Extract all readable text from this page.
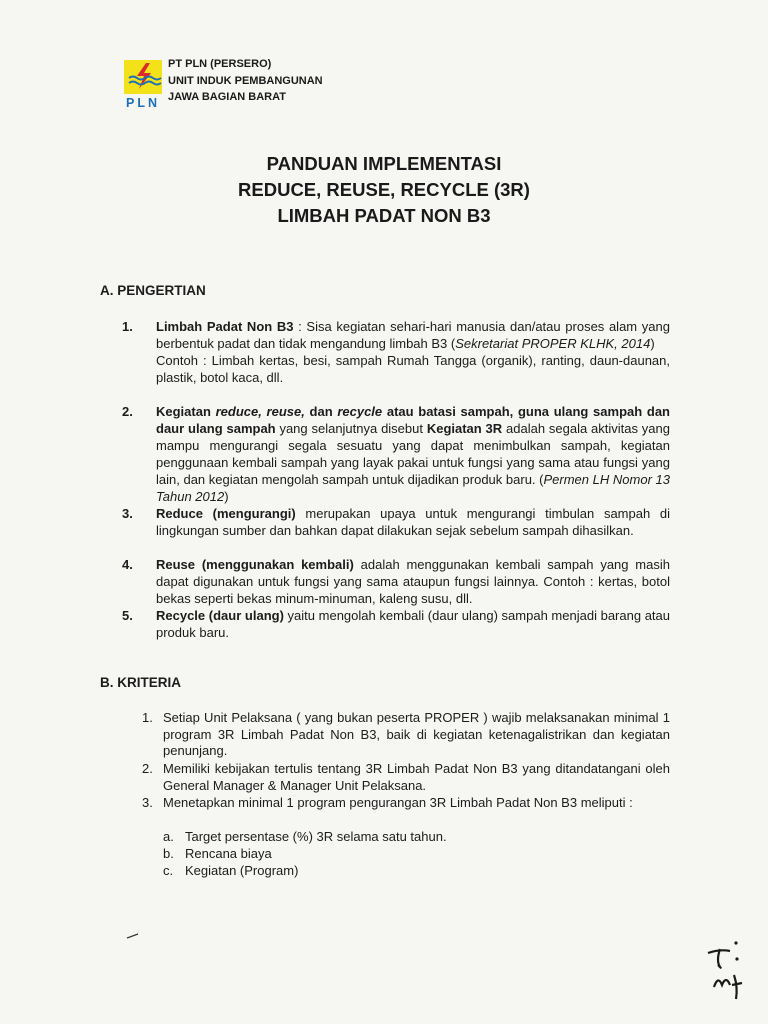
PLN
PT PLN (PERSERO)
UNIT INDUK PEMBANGUNAN
JAWA BAGIAN BARAT
PANDUAN IMPLEMENTASI
REDUCE, REUSE, RECYCLE (3R)
LIMBAH PADAT NON B3
A. PENGERTIAN
1. Limbah Padat Non B3 : Sisa kegiatan sehari-hari manusia dan/atau proses alam yang berbentuk padat dan tidak mengandung limbah B3 (Sekretariat PROPER KLHK, 2014)
Contoh : Limbah kertas, besi, sampah Rumah Tangga (organik), ranting, daun-daunan, plastik, botol kaca, dll.
2. Kegiatan reduce, reuse, dan recycle atau batasi sampah, guna ulang sampah dan daur ulang sampah yang selanjutnya disebut Kegiatan 3R adalah segala aktivitas yang mampu mengurangi segala sesuatu yang dapat menimbulkan sampah, kegiatan penggunaan kembali sampah yang layak pakai untuk fungsi yang sama atau fungsi yang lain, dan kegiatan mengolah sampah untuk dijadikan produk baru. (Permen LH Nomor 13 Tahun 2012)
3. Reduce (mengurangi) merupakan upaya untuk mengurangi timbulan sampah di lingkungan sumber dan bahkan dapat dilakukan sejak sebelum sampah dihasilkan.
4. Reuse (menggunakan kembali) adalah menggunakan kembali sampah yang masih dapat digunakan untuk fungsi yang sama ataupun fungsi lainnya. Contoh : kertas, botol bekas seperti bekas minum-minuman, kaleng susu, dll.
5. Recycle (daur ulang) yaitu mengolah kembali (daur ulang) sampah menjadi barang atau produk baru.
B. KRITERIA
1. Setiap Unit Pelaksana ( yang bukan peserta PROPER ) wajib melaksanakan minimal 1 program 3R Limbah Padat Non B3, baik di kegiatan ketenagalistrikan dan kegiatan penunjang.
2. Memiliki kebijakan tertulis tentang 3R Limbah Padat Non B3 yang ditandatangani oleh General Manager & Manager Unit Pelaksana.
3. Menetapkan minimal 1 program pengurangan 3R Limbah Padat Non B3 meliputi :
a. Target persentase (%) 3R selama satu tahun.
b. Rencana biaya
c. Kegiatan (Program)
